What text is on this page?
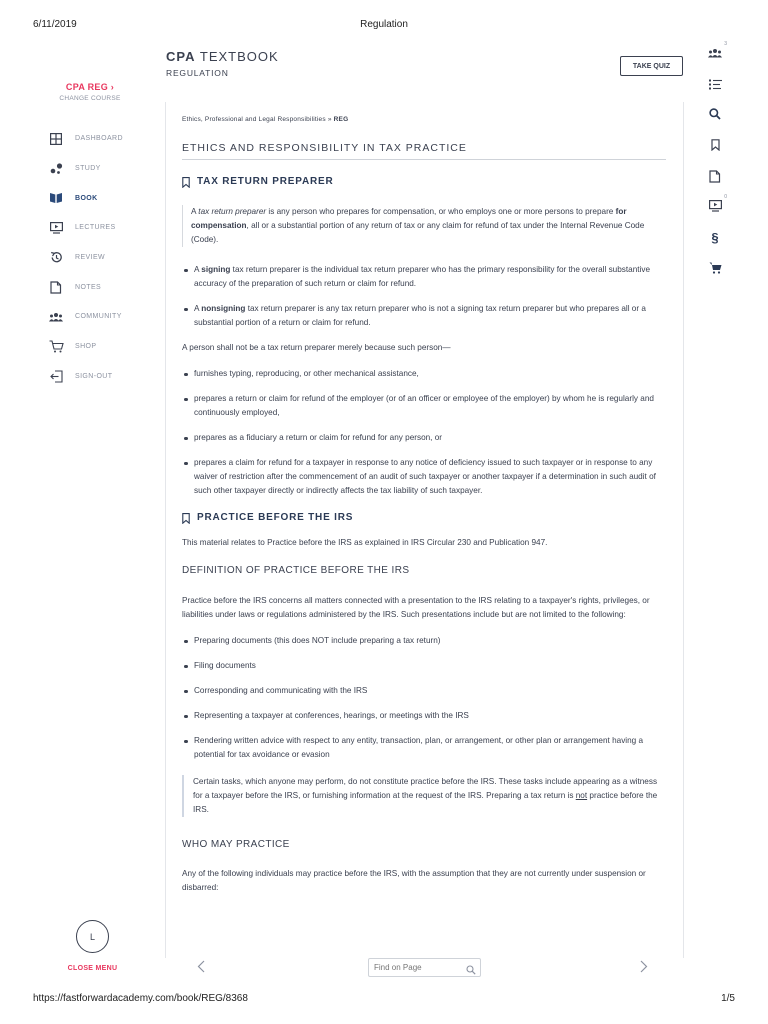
6/11/2019	Regulation
CPA REG ›
CHANGE COURSE
DASHBOARD
STUDY
BOOK
LECTURES
REVIEW
NOTES
COMMUNITY
SHOP
SIGN-OUT
L
CLOSE MENU
CPA TEXTBOOK
REGULATION
TAKE QUIZ
3
0
§
Ethics, Professional and Legal Responsibilities » REG
ETHICS AND RESPONSIBILITY IN TAX PRACTICE
TAX RETURN PREPARER
A tax return preparer is any person who prepares for compensation, or who employs one or more persons to prepare for compensation, all or a substantial portion of any return of tax or any claim for refund of tax under the Internal Revenue Code (Code).
A signing tax return preparer is the individual tax return preparer who has the primary responsibility for the overall substantive accuracy of the preparation of such return or claim for refund.
A nonsigning tax return preparer is any tax return preparer who is not a signing tax return preparer but who prepares all or a substantial portion of a return or claim for refund.
A person shall not be a tax return preparer merely because such person—
furnishes typing, reproducing, or other mechanical assistance,
prepares a return or claim for refund of the employer (or of an officer or employee of the employer) by whom he is regularly and continuously employed,
prepares as a fiduciary a return or claim for refund for any person, or
prepares a claim for refund for a taxpayer in response to any notice of deficiency issued to such taxpayer or in response to any waiver of restriction after the commencement of an audit of such taxpayer or another taxpayer if a determination in such audit of such other taxpayer directly or indirectly affects the tax liability of such taxpayer.
PRACTICE BEFORE THE IRS
This material relates to Practice before the IRS as explained in IRS Circular 230 and Publication 947.
DEFINITION OF PRACTICE BEFORE THE IRS
Practice before the IRS concerns all matters connected with a presentation to the IRS relating to a taxpayer's rights, privileges, or liabilities under laws or regulations administered by the IRS. Such presentations include but are not limited to the following:
Preparing documents (this does NOT include preparing a tax return)
Filing documents
Corresponding and communicating with the IRS
Representing a taxpayer at conferences, hearings, or meetings with the IRS
Rendering written advice with respect to any entity, transaction, plan, or arrangement, or other plan or arrangement having a potential for tax avoidance or evasion
Certain tasks, which anyone may perform, do not constitute practice before the IRS. These tasks include appearing as a witness for a taxpayer before the IRS, or furnishing information at the request of the IRS. Preparing a tax return is not practice before the IRS.
WHO MAY PRACTICE
Any of the following individuals may practice before the IRS, with the assumption that they are not currently under suspension or disbarred:
Find on Page
https://fastforwardacademy.com/book/REG/8368	1/5
